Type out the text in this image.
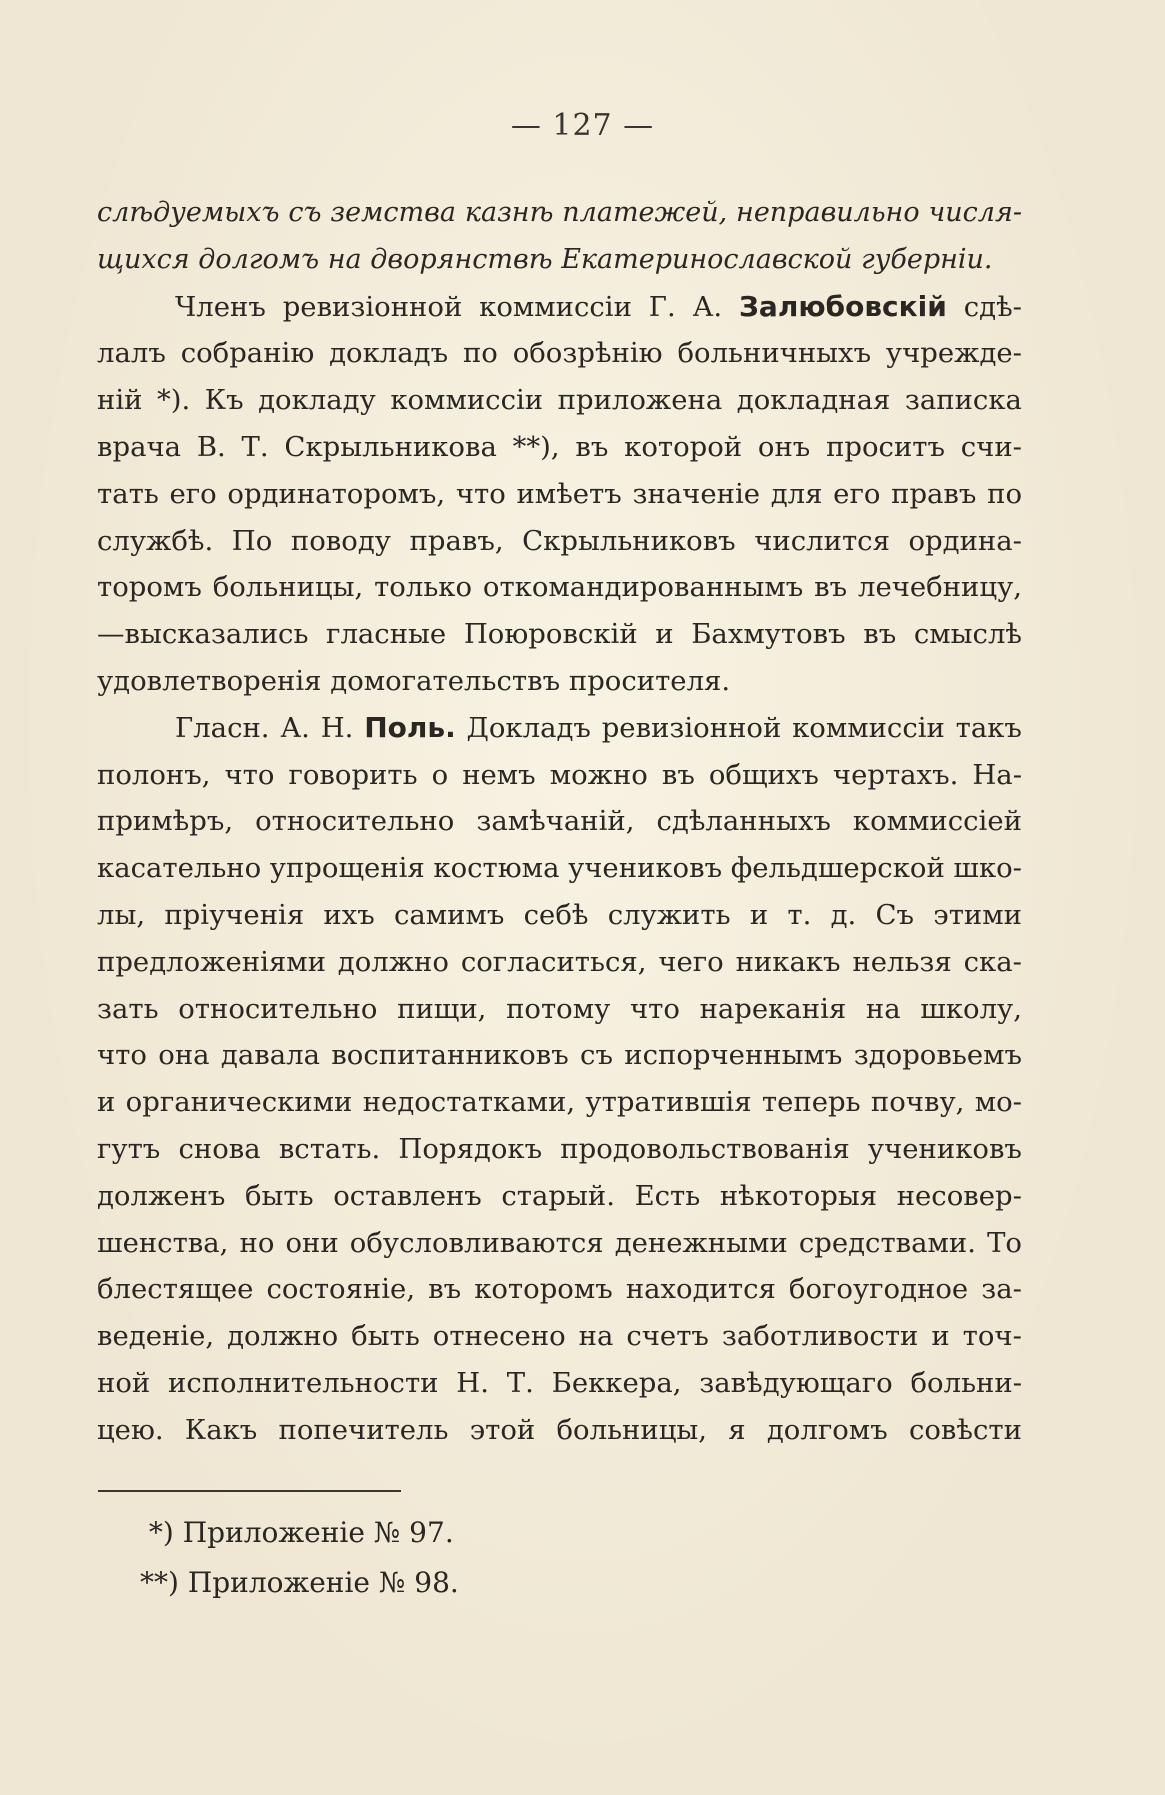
— 127 —
слѣдуемыхъ съ земства казнѣ платежей, неправильно числя-
щихся долгомъ на дворянствѣ Екатеринославской губерніи.
Членъ ревизіонной коммиссіи Г. А. Залюбовскій сдѣ-
лалъ собранію докладъ по обозрѣнію больничныхъ учрежде-
ній *). Къ докладу коммиссіи приложена докладная записка
врача В. Т. Скрыльникова **), въ которой онъ проситъ счи-
тать его ординаторомъ, что имѣетъ значеніе для его правъ по
службѣ. По поводу правъ, Скрыльниковъ числится ордина-
торомъ больницы, только откомандированнымъ въ лечебницу,
—высказались гласные Поюровскій и Бахмутовъ въ смыслѣ
удовлетворенія домогательствъ просителя.
Гласн. А. Н. Поль. Докладъ ревизіонной коммиссіи такъ
полонъ, что говорить о немъ можно въ общихъ чертахъ. На-
примѣръ, относительно замѣчаній, сдѣланныхъ коммиссіей
касательно упрощенія костюма учениковъ фельдшерской шко-
лы, пріученія ихъ самимъ себѣ служить и т. д. Съ этими
предложеніями должно согласиться, чего никакъ нельзя ска-
зать относительно пищи, потому что нареканія на школу,
что она давала воспитанниковъ съ испорченнымъ здоровьемъ
и органическими недостатками, утратившія теперь почву, мо-
гутъ снова встать. Порядокъ продовольствованія учениковъ
долженъ быть оставленъ старый. Есть нѣкоторыя несовер-
шенства, но они обусловливаются денежными средствами. То
блестящее состояніе, въ которомъ находится богоугодное за-
веденіе, должно быть отнесено на счетъ заботливости и точ-
ной исполнительности Н. Т. Беккера, завѣдующаго больни-
цею. Какъ попечитель этой больницы, я долгомъ совѣсти
*) Приложеніе № 97.
**) Приложеніе № 98.
